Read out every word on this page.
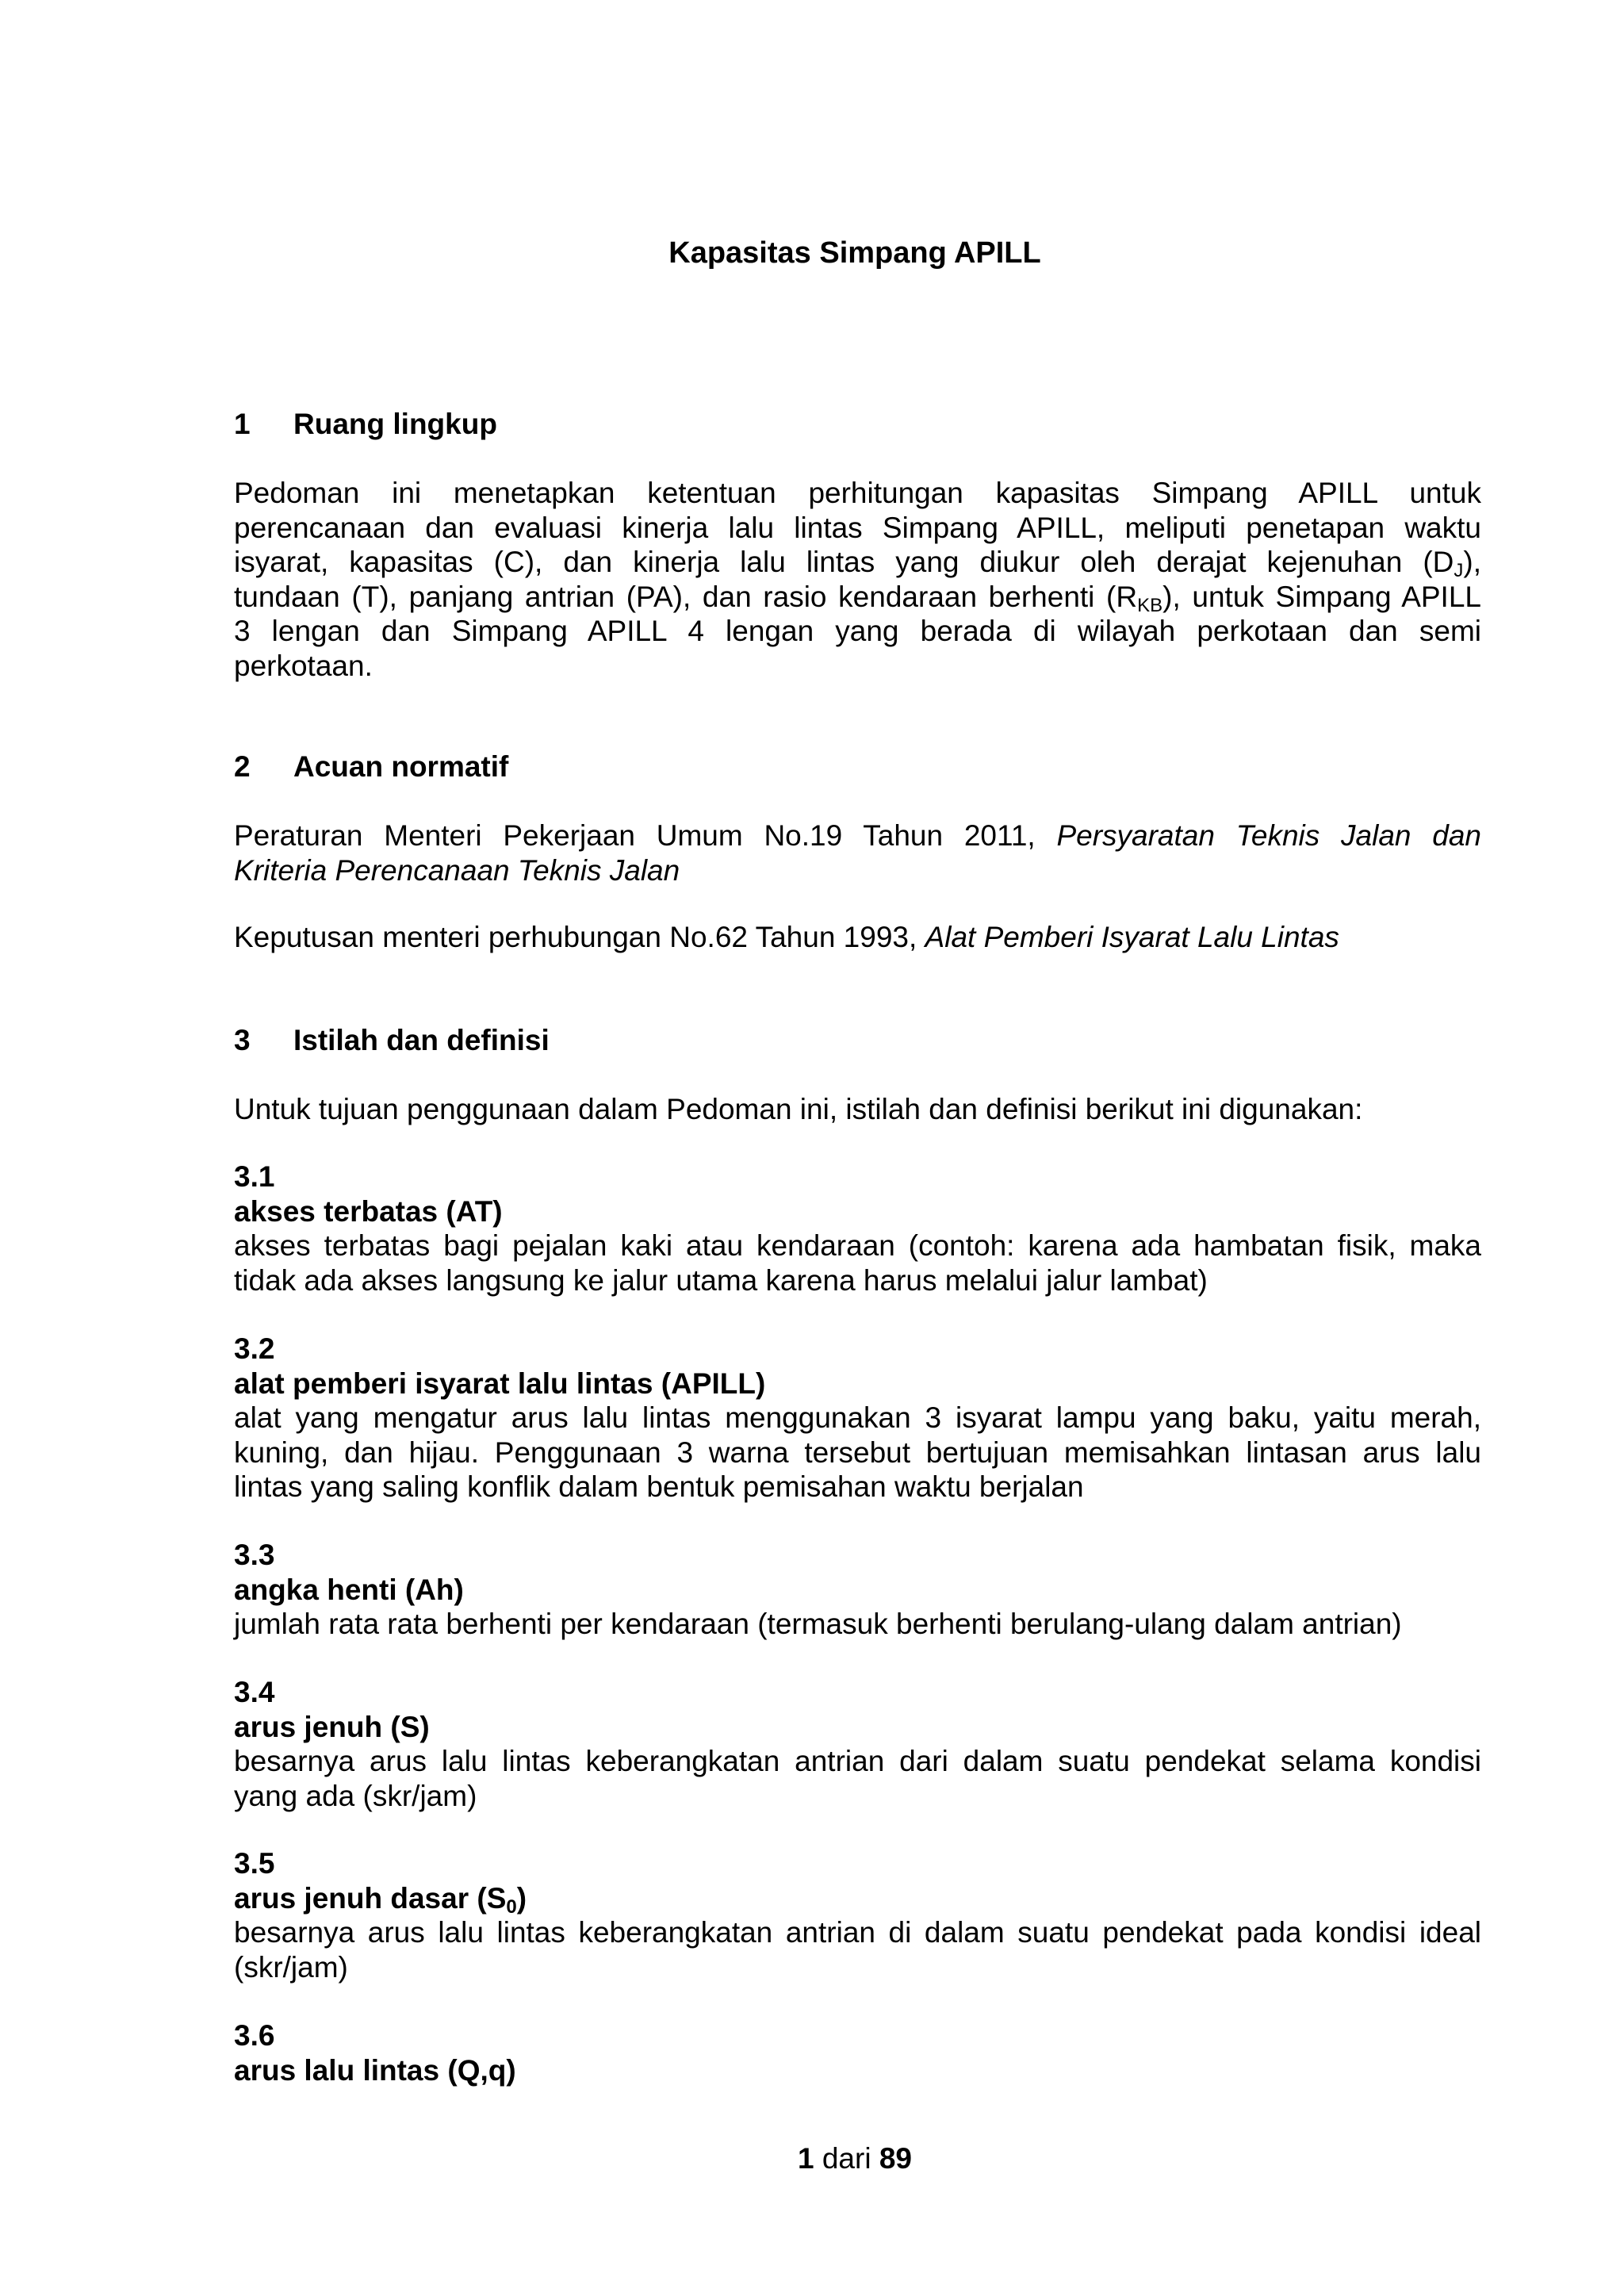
Kapasitas Simpang APILL
1 Ruang lingkup
Pedoman ini menetapkan ketentuan perhitungan kapasitas Simpang APILL untuk
perencanaan dan evaluasi kinerja lalu lintas Simpang APILL, meliputi penetapan waktu
isyarat, kapasitas (C), dan kinerja lalu lintas yang diukur oleh derajat kejenuhan $(D_J)$,
tundaan (T), panjang antrian (PA), dan rasio kendaraan berhenti $(R_{KB})$, untuk Simpang APILL
3 lengan dan Simpang APILL 4 lengan yang berada di wilayah perkotaan dan semi
perkotaan.
2 Acuan normatif
Peraturan Menteri Pekerjaan Umum No.19 Tahun 2011, Persyaratan Teknis Jalan dan
Kriteria Perencanaan Teknis Jalan
Keputusan menteri perhubungan No.62 Tahun 1993, Alat Pemberi Isyarat Lalu Lintas
3 Istilah dan definisi
Untuk tujuan penggunaan dalam Pedoman ini, istilah dan definisi berikut ini digunakan:
3.1
akses terbatas (AT)
akses terbatas bagi pejalan kaki atau kendaraan (contoh: karena ada hambatan fisik, maka
tidak ada akses langsung ke jalur utama karena harus melalui jalur lambat)
3.2
alat pemberi isyarat lalu lintas (APILL)
alat yang mengatur arus lalu lintas menggunakan 3 isyarat lampu yang baku, yaitu merah,
kuning, dan hijau. Penggunaan 3 warna tersebut bertujuan memisahkan lintasan arus lalu
lintas yang saling konflik dalam bentuk pemisahan waktu berjalan
3.3
angka henti (Ah)
jumlah rata rata berhenti per kendaraan (termasuk berhenti berulang-ulang dalam antrian)
3.4
arus jenuh (S)
besarnya arus lalu lintas keberangkatan antrian dari dalam suatu pendekat selama kondisi
yang ada (skr/jam)
3.5
arus jenuh dasar $(S_0)$
besarnya arus lalu lintas keberangkatan antrian di dalam suatu pendekat pada kondisi ideal
(skr/jam)
3.6
arus lalu lintas (Q,q)
1 dari 89
